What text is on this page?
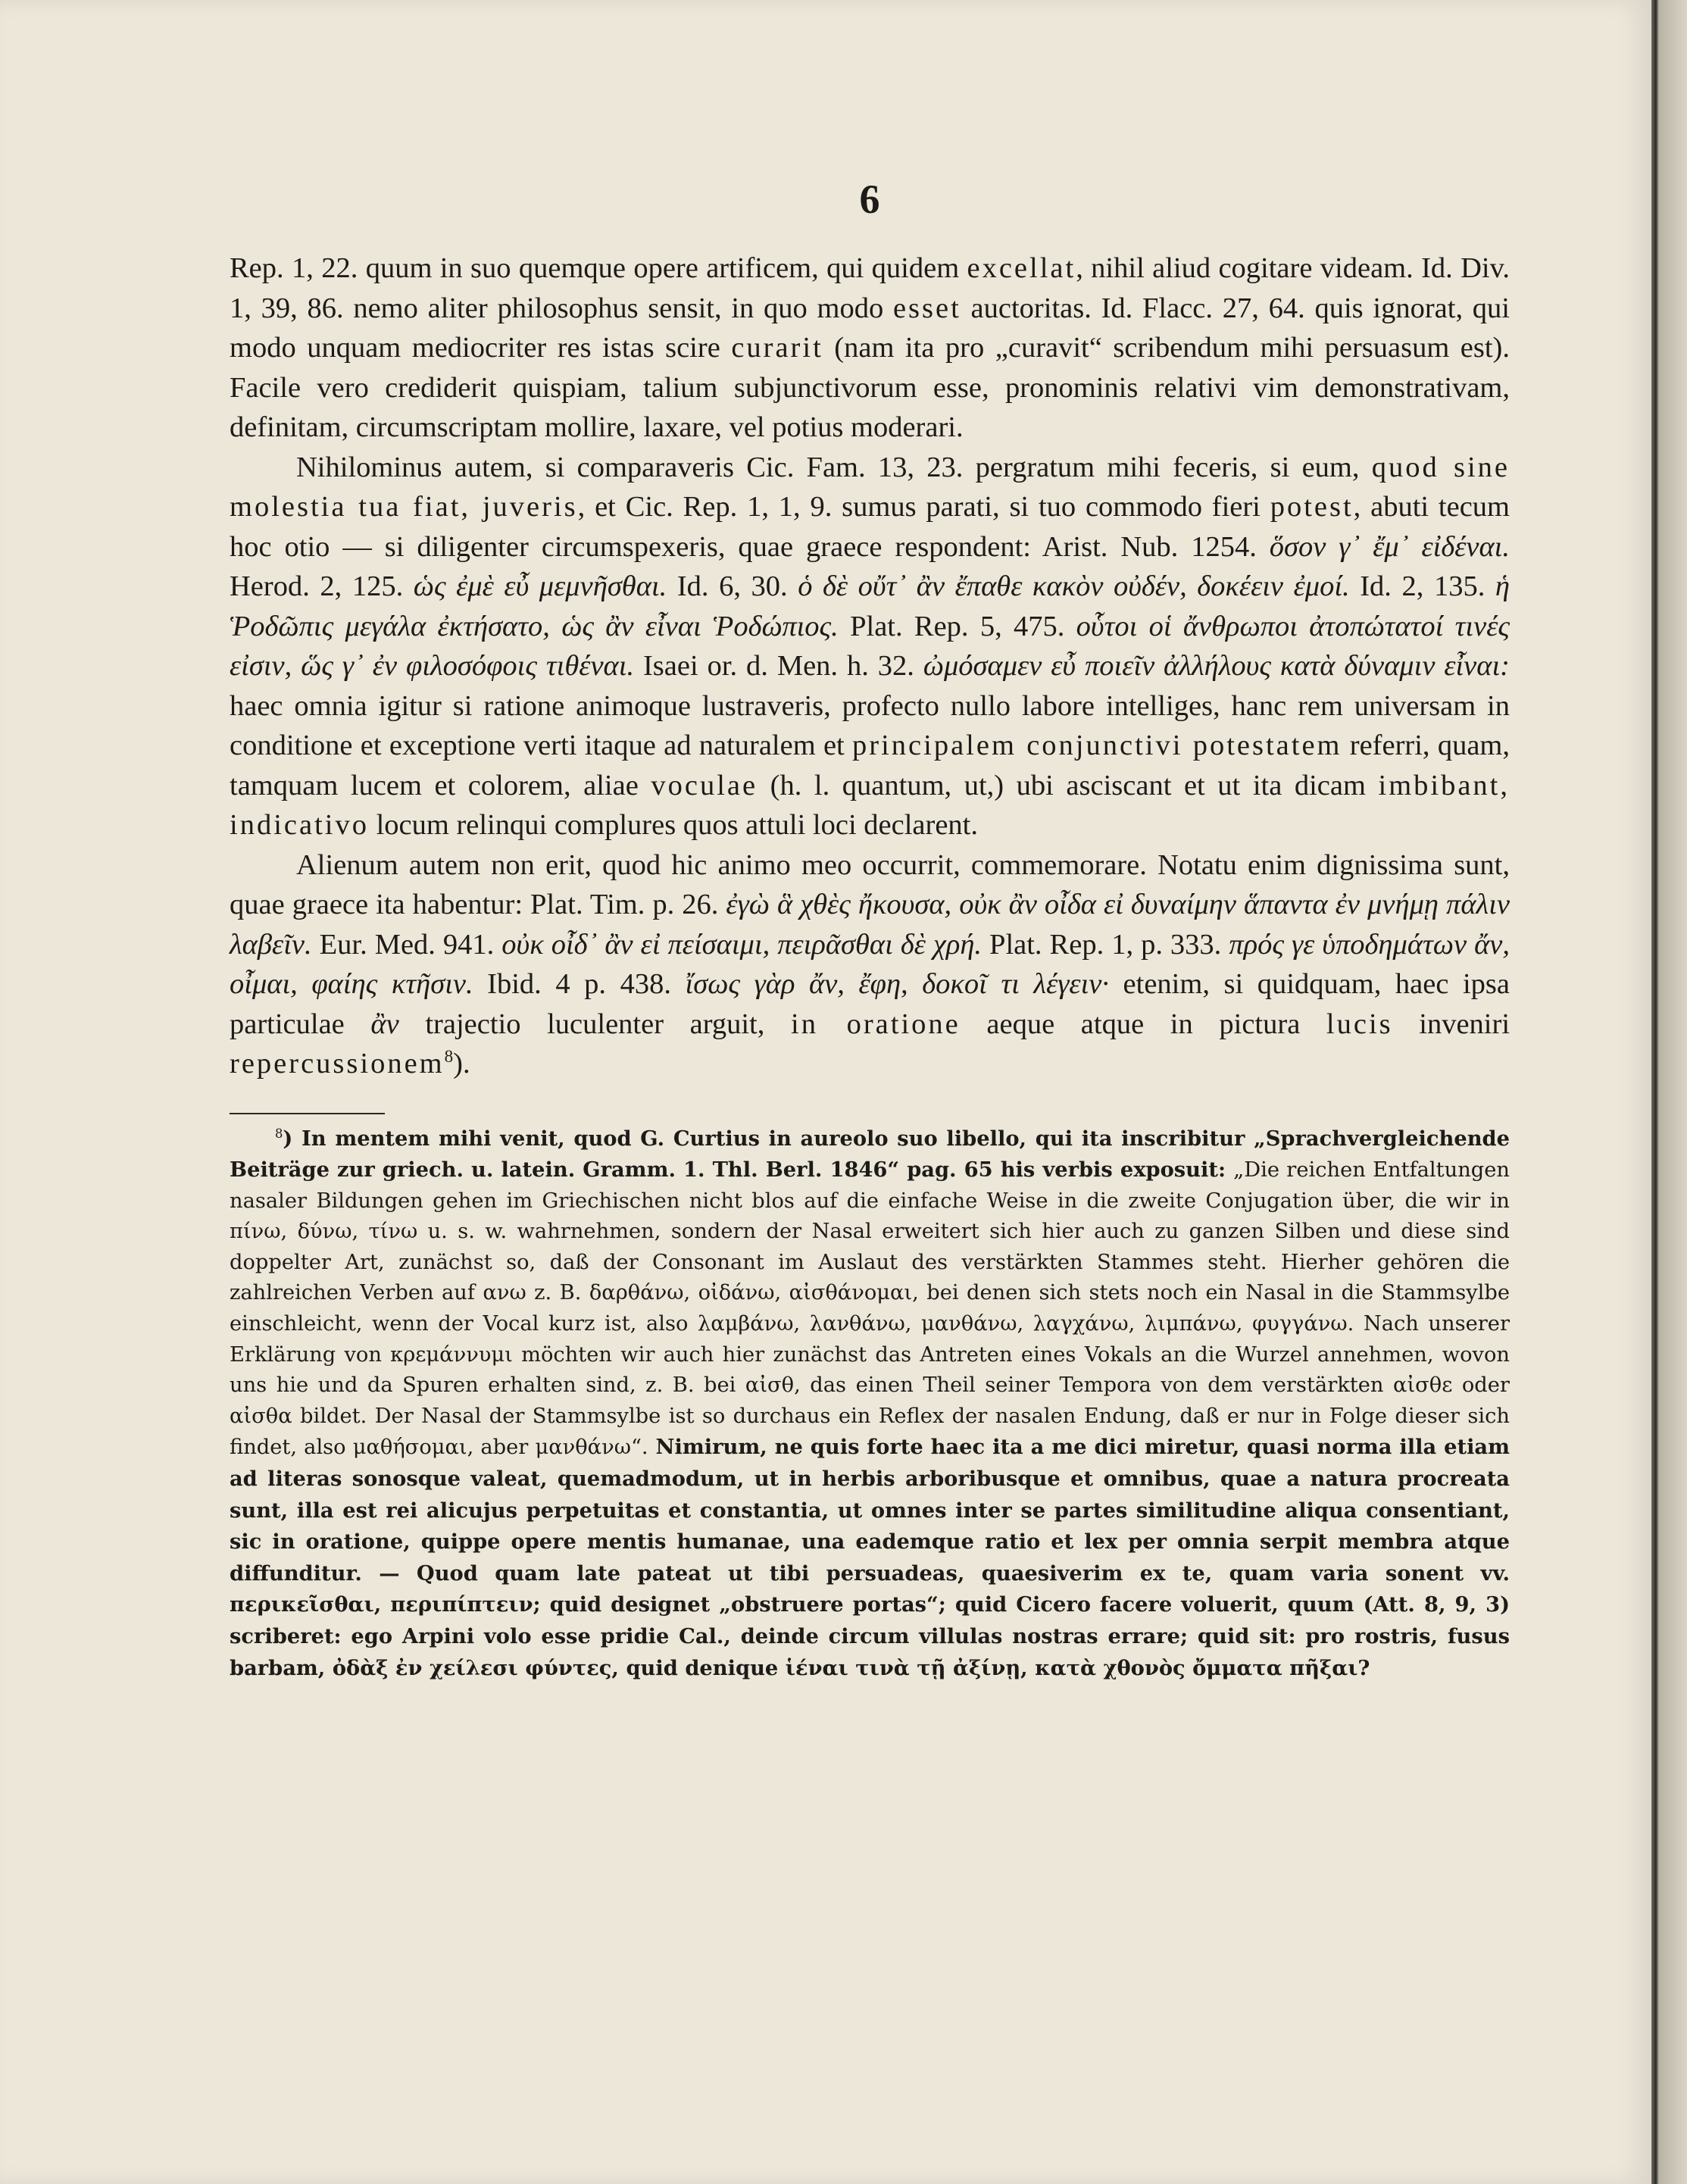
6

Rep. 1, 22. quum in suo quemque opere artificem, qui quidem excellat, nihil aliud cogitare videam. Id. Div. 1, 39, 86. nemo aliter philosophus sensit, in quo modo esset auctoritas. Id. Flacc. 27, 64. quis ignorat, qui modo unquam mediocriter res istas scire curarit (nam ita pro „curavit“ scribendum mihi persuasum est). Facile vero crediderit quispiam, talium subjunctivorum esse, pronominis relativi vim demonstrativam, definitam, circumscriptam mollire, laxare, vel potius moderari.

Nihilominus autem, si comparaveris Cic. Fam. 13, 23. pergratum mihi feceris, si eum, quod sine molestia tua fiat, juveris, et Cic. Rep. 1, 1, 9. sumus parati, si tuo commodo fieri potest, abuti tecum hoc otio — si diligenter circumspexeris, quae graece respondent: Arist. Nub. 1254. ὅσον γ᾽ ἔμ᾽ εἰδέναι. Herod. 2, 125. ὡς ἐμὲ εὖ μεμνῆσθαι. Id. 6, 30. ὁ δὲ οὔτ᾽ ἂν ἔπαθε κακὸν οὐδέν, δοκέειν ἐμοί. Id. 2, 135. ἡ Ῥοδῶπις μεγάλα ἐκτήσατο, ὡς ἂν εἶναι Ῥοδώπιος. Plat. Rep. 5, 475. οὗτοι οἱ ἄνθρωποι ἀτοπώτατοί τινές εἰσιν, ὥς γ᾽ ἐν φιλοσόφοις τιθέναι. Isaei or. d. Men. h. 32. ὠμόσαμεν εὖ ποιεῖν ἀλλήλους κατὰ δύναμιν εἶναι: haec omnia igitur si ratione animoque lustraveris, profecto nullo labore intelliges, hanc rem universam in conditione et exceptione verti itaque ad naturalem et principalem conjunctivi potestatem referri, quam, tamquam lucem et colorem, aliae voculae (h. l. quantum, ut,) ubi asciscant et ut ita dicam imbibant, indicativo locum relinqui complures quos attuli loci declarent.

Alienum autem non erit, quod hic animo meo occurrit, commemorare. Notatu enim dignissima sunt, quae graece ita habentur: Plat. Tim. p. 26. ἐγὼ ἃ χθὲς ἤκουσα, οὐκ ἂν οἶδα εἰ δυναίμην ἅπαντα ἐν μνήμῃ πάλιν λαβεῖν. Eur. Med. 941. οὐκ οἶδ᾽ ἂν εἰ πείσαιμι, πειρᾶσθαι δὲ χρή. Plat. Rep. 1, p. 333. πρός γε ὑποδημάτων ἄν, οἶμαι, φαίης κτῆσιν. Ibid. 4 p. 438. ἴσως γὰρ ἄν, ἔφη, δοκοῖ τι λέγειν· etenim, si quidquam, haec ipsa particulae ἂν trajectio luculenter arguit, in oratione aeque atque in pictura lucis inveniri repercussionem$^8$).

$^8$) In mentem mihi venit, quod G. Curtius in aureolo suo libello, qui ita inscribitur „Sprachvergleichende Beiträge zur griech. u. latein. Gramm. 1. Thl. Berl. 1846“ pag. 65 his verbis exposuit: „Die reichen Entfaltungen nasaler Bildungen gehen im Griechischen nicht blos auf die einfache Weise in die zweite Conjugation über, die wir in πίνω, δύνω, τίνω u. s. w. wahrnehmen, sondern der Nasal erweitert sich hier auch zu ganzen Silben und diese sind doppelter Art, zunächst so, daß der Consonant im Auslaut des verstärkten Stammes steht. Hierher gehören die zahlreichen Verben auf ανω z. B. δαρθάνω, οἰδάνω, αἰσθάνομαι, bei denen sich stets noch ein Nasal in die Stammsylbe einschleicht, wenn der Vocal kurz ist, also λαμβάνω, λανθάνω, μανθάνω, λαγχάνω, λιμπάνω, φυγγάνω. Nach unserer Erklärung von κρεμάννυμι möchten wir auch hier zunächst das Antreten eines Vokals an die Wurzel annehmen, wovon uns hie und da Spuren erhalten sind, z. B. bei αἰσθ, das einen Theil seiner Tempora von dem verstärkten αἰσθε oder αἰσθα bildet. Der Nasal der Stammsylbe ist so durchaus ein Reflex der nasalen Endung, daß er nur in Folge dieser sich findet, also μαθήσομαι, aber μανθάνω“. Nimirum, ne quis forte haec ita a me dici miretur, quasi norma illa etiam ad literas sonosque valeat, quemadmodum, ut in herbis arboribusque et omnibus, quae a natura procreata sunt, illa est rei alicujus perpetuitas et constantia, ut omnes inter se partes similitudine aliqua consentiant, sic in oratione, quippe opere mentis humanae, una eademque ratio et lex per omnia serpit membra atque diffunditur. — Quod quam late pateat ut tibi persuadeas, quaesiverim ex te, quam varia sonent vv. περικεῖσθαι, περιπίπτειν; quid designet „obstruere portas“; quid Cicero facere voluerit, quum (Att. 8, 9, 3) scriberet: ego Arpini volo esse pridie Cal., deinde circum villulas nostras errare; quid sit: pro rostris, fusus barbam, ὀδὰξ ἐν χείλεσι φύντες, quid denique ἱέναι τινὰ τῇ ἀξίνῃ, κατὰ χθονὸς ὄμματα πῆξαι?
